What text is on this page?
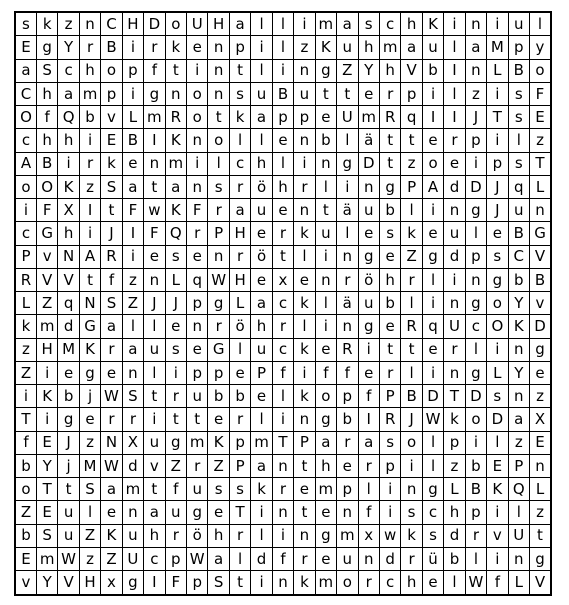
s	k	z	n	C	H	D	o	U	H	a	l	l	i	m	a	s	c	h	K	i	n	i	u	l
E	g	Y	r	B	i	r	k	e	n	p	i	l	z	K	u	h	m	a	u	l	a	M	p	y
a	S	c	h	o	p	f	t	i	n	t	l	i	n	g	Z	Y	h	V	b	I	n	L	B	o
C	h	a	m	p	i	g	n	o	n	s	u	B	u	t	t	e	r	p	i	l	z	i	s	F
O	f	Q	b	v	L	m	R	o	t	k	a	p	p	e	U	m	R	q	I	I	J	T	s	E
c	h	h	i	E	B	I	K	n	o	l	l	e	n	b	l	ä	t	t	e	r	p	i	l	z
A	B	i	r	k	e	n	m	i	l	c	h	l	i	n	g	D	t	z	o	e	i	p	s	T
o	O	K	z	S	a	t	a	n	s	r	ö	h	r	l	i	n	g	P	A	d	D	J	q	L
i	F	X	I	t	F	w	K	F	r	a	u	e	n	t	ä	u	b	l	i	n	g	J	u	n
c	G	h	i	J	I	F	Q	r	P	H	e	r	k	u	l	e	s	k	e	u	l	e	B	G
P	v	N	A	R	i	e	s	e	n	r	ö	t	l	i	n	g	e	Z	g	d	p	s	C	V
R	V	V	t	f	z	n	L	q	W	H	e	x	e	n	r	ö	h	r	l	i	n	g	b	B
L	Z	q	N	S	Z	J	J	p	g	L	a	c	k	l	ä	u	b	l	i	n	g	o	Y	v
k	m	d	G	a	l	l	e	n	r	ö	h	r	l	i	n	g	e	R	q	U	c	O	K	D
z	H	M	K	r	a	u	s	e	G	l	u	c	k	e	R	i	t	t	e	r	l	i	n	g
Z	i	e	g	e	n	l	i	p	p	e	P	f	i	f	f	e	r	l	i	n	g	L	Y	e
i	K	b	j	W	S	t	r	u	b	b	e	l	k	o	p	f	P	B	D	T	D	s	n	z
T	i	g	e	r	r	i	t	t	e	r	l	i	n	g	b	I	R	J	W	k	o	D	a	X
f	E	J	z	N	X	u	g	m	K	p	m	T	P	a	r	a	s	o	l	p	i	l	z	E
b	Y	j	M	W	d	v	Z	r	Z	P	a	n	t	h	e	r	p	i	l	z	b	E	P	n
o	T	t	S	a	m	t	f	u	s	s	k	r	e	m	p	l	i	n	g	L	B	K	Q	L
Z	E	u	l	e	n	a	u	g	e	T	i	n	t	e	n	f	i	s	c	h	p	i	l	z
b	S	u	Z	K	u	h	r	ö	h	r	l	i	n	g	m	x	w	k	s	d	r	v	U	t
E	m	W	z	Z	U	c	p	W	a	l	d	f	r	e	u	n	d	r	ü	b	l	i	n	g
v	Y	V	H	x	g	I	F	p	S	t	i	n	k	m	o	r	c	h	e	l	W	f	L	V
